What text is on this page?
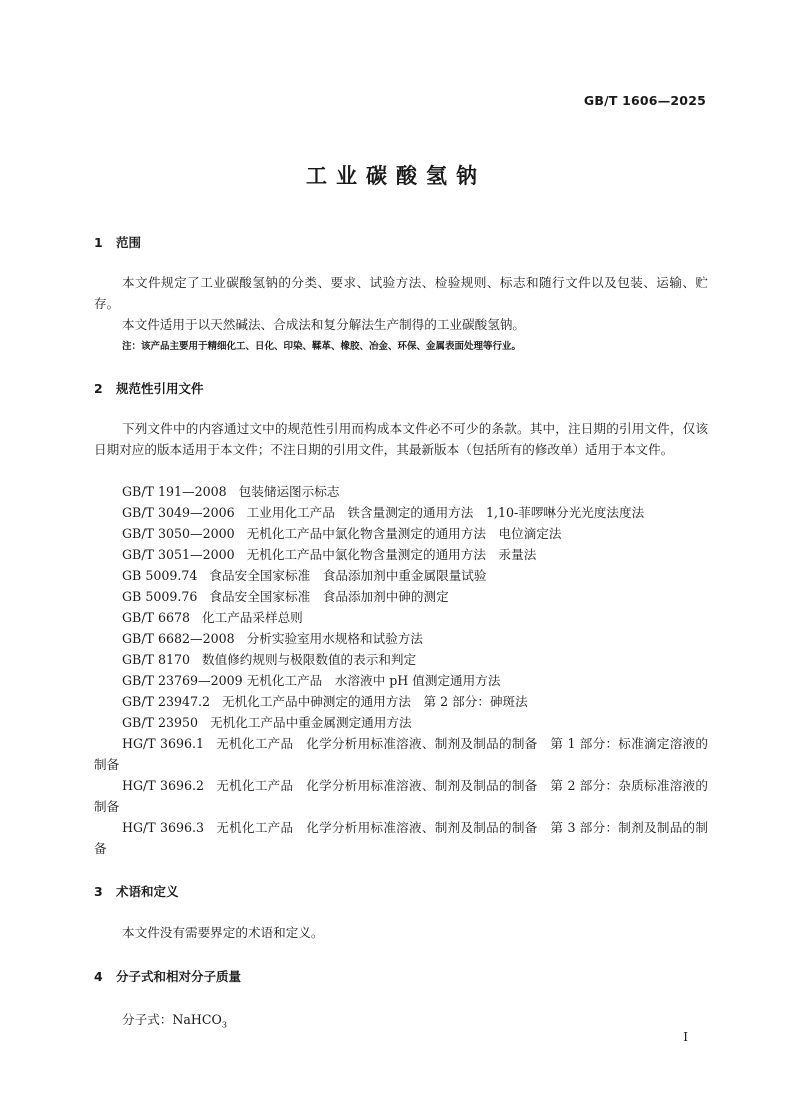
GB/T 1606—2025
工业碳酸氢钠
1 范围
本文件规定了工业碳酸氢钠的分类、要求、试验方法、检验规则、标志和随行文件以及包装、运输、贮存。
本文件适用于以天然碱法、合成法和复分解法生产制得的工业碳酸氢钠。
注：该产品主要用于精细化工、日化、印染、鞣革、橡胶、冶金、环保、金属表面处理等行业。
2 规范性引用文件
下列文件中的内容通过文中的规范性引用而构成本文件必不可少的条款。其中，注日期的引用文件，仅该日期对应的版本适用于本文件；不注日期的引用文件，其最新版本（包括所有的修改单）适用于本文件。
GB/T 191—2008 包装储运图示标志
GB/T 3049—2006 工业用化工产品　铁含量测定的通用方法　1,10-菲啰啉分光光度法度法
GB/T 3050—2000 无机化工产品中氯化物含量测定的通用方法　电位滴定法
GB/T 3051—2000 无机化工产品中氯化物含量测定的通用方法　汞量法
GB 5009.74 食品安全国家标准　食品添加剂中重金属限量试验
GB 5009.76 食品安全国家标准　食品添加剂中砷的测定
GB/T 6678 化工产品采样总则
GB/T 6682—2008 分析实验室用水规格和试验方法
GB/T 8170 数值修约规则与极限数值的表示和判定
GB/T 23769—2009 无机化工产品　水溶液中 pH 值测定通用方法
GB/T 23947.2 无机化工产品中砷测定的通用方法　第 2 部分：砷斑法
GB/T 23950 无机化工产品中重金属测定通用方法
HG/T 3696.1 无机化工产品　化学分析用标准溶液、制剂及制品的制备　第 1 部分：标准滴定溶液的制备
HG/T 3696.2 无机化工产品　化学分析用标准溶液、制剂及制品的制备　第 2 部分：杂质标准溶液的制备
HG/T 3696.3 无机化工产品　化学分析用标准溶液、制剂及制品的制备　第 3 部分：制剂及制品的制备
3 术语和定义
本文件没有需要界定的术语和定义。
4 分子式和相对分子质量
分子式：NaHCO$_3$
I
